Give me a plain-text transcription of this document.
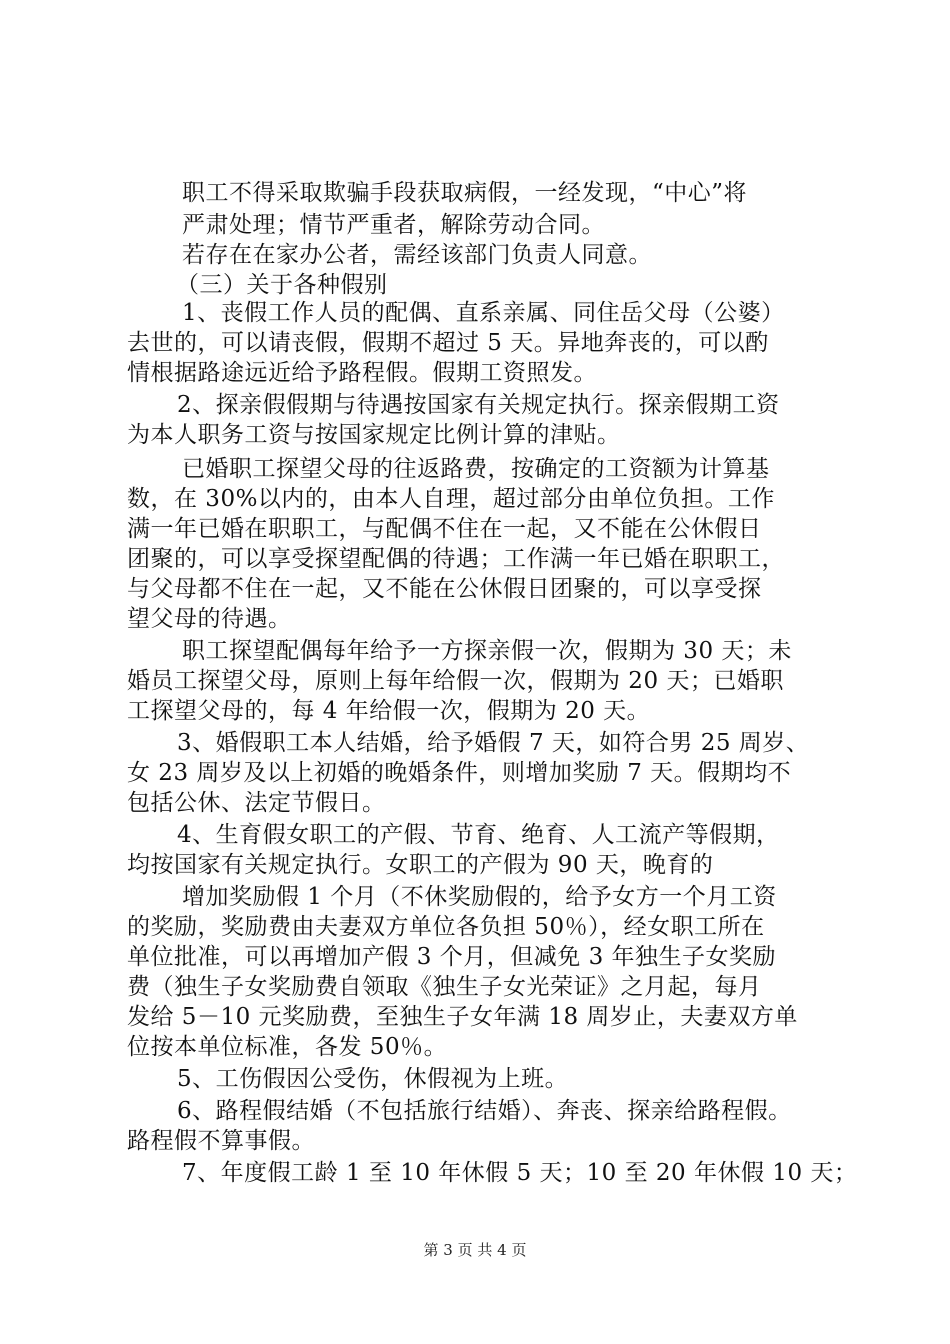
职工不得采取欺骗手段获取病假，一经发现，“中心”将
严肃处理；情节严重者，解除劳动合同。
若存在在家办公者，需经该部门负责人同意。
（三）关于各种假别
1、丧假工作人员的配偶、直系亲属、同住岳父母（公婆）
去世的，可以请丧假，假期不超过 5 天。异地奔丧的，可以酌
情根据路途远近给予路程假。假期工资照发。
2、探亲假假期与待遇按国家有关规定执行。探亲假期工资
为本人职务工资与按国家规定比例计算的津贴。
已婚职工探望父母的往返路费，按确定的工资额为计算基
数，在 30%以内的，由本人自理，超过部分由单位负担。工作
满一年已婚在职职工，与配偶不住在一起，又不能在公休假日
团聚的，可以享受探望配偶的待遇；工作满一年已婚在职职工，
与父母都不住在一起，又不能在公休假日团聚的，可以享受探
望父母的待遇。
职工探望配偶每年给予一方探亲假一次，假期为 30 天；未
婚员工探望父母，原则上每年给假一次，假期为 20 天；已婚职
工探望父母的，每 4 年给假一次，假期为 20 天。
3、婚假职工本人结婚，给予婚假 7 天，如符合男 25 周岁、
女 23 周岁及以上初婚的晚婚条件，则增加奖励 7 天。假期均不
包括公休、法定节假日。
4、生育假女职工的产假、节育、绝育、人工流产等假期，
均按国家有关规定执行。女职工的产假为 90 天，晚育的
增加奖励假 1 个月（不休奖励假的，给予女方一个月工资
的奖励，奖励费由夫妻双方单位各负担 50％），经女职工所在
单位批准，可以再增加产假 3 个月，但减免 3 年独生子女奖励
费（独生子女奖励费自领取《独生子女光荣证》之月起，每月
发给 5－10 元奖励费，至独生子女年满 18 周岁止，夫妻双方单
位按本单位标准，各发 50％。
5、工伤假因公受伤，休假视为上班。
6、路程假结婚（不包括旅行结婚）、奔丧、探亲给路程假。
路程假不算事假。
7、年度假工龄 1 至 10 年休假 5 天；10 至 20 年休假 10 天；
第 3 页 共 4 页
